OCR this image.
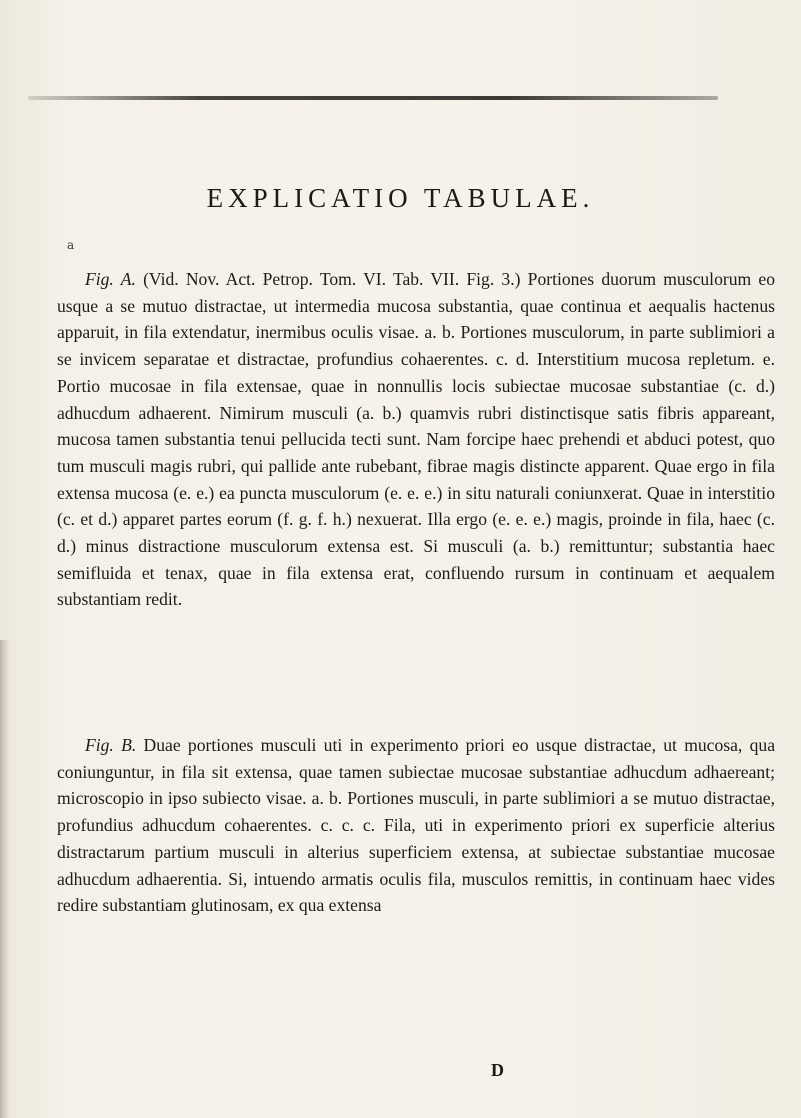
EXPLICATIO TABULAE.
a
Fig. A. (Vid. Nov. Act. Petrop. Tom. VI. Tab. VII. Fig. 3.) Portiones duorum musculorum eo usque a se mutuo distractae, ut intermedia mucosa substantia, quae continua et aequalis hactenus apparuit, in fila extendatur, inermibus oculis visae. a. b. Portiones musculorum, in parte sublimiori a se invicem separatae et distractae, profundius cohaerentes. c. d. Interstitium mucosa repletum. e. Portio mucosae in fila extensae, quae in nonnullis locis subiectae mucosae substantiae (c. d.) adhucdum adhaerent. Nimirum musculi (a. b.) quamvis rubri distinctisque satis fibris appareant, mucosa tamen substantia tenui pellucida tecti sunt. Nam forcipe haec prehendi et abduci potest, quo tum musculi magis rubri, qui pallide ante rubebant, fibrae magis distincte apparent. Quae ergo in fila extensa mucosa (e. e.) ea puncta musculorum (e. e. e.) in situ naturali coniunxerat. Quae in interstitio (c. et d.) apparet partes eorum (f. g. f. h.) nexuerat. Illa ergo (e. e. e.) magis, proinde in fila, haec (c. d.) minus distractione musculorum extensa est. Si musculi (a. b.) remittuntur; substantia haec semifluida et tenax, quae in fila extensa erat, confluendo rursum in continuam et aequalem substantiam redit.
Fig. B. Duae portiones musculi uti in experimento priori eo usque distractae, ut mucosa, qua coniunguntur, in fila sit extensa, quae tamen subiectae mucosae substantiae adhucdum adhaereant; microscopio in ipso subiecto visae. a. b. Portiones musculi, in parte sublimiori a se mutuo distractae, profundius adhucdum cohaerentes. c. c. c. Fila, uti in experimento priori ex superficie alterius distractarum partium musculi in alterius superficiem extensa, at subiectae substantiae mucosae adhucdum adhaerentia. Si, intuendo armatis oculis fila, musculos remittis, in continuam haec vides redire substantiam glutinosam, ex qua extensa
D
